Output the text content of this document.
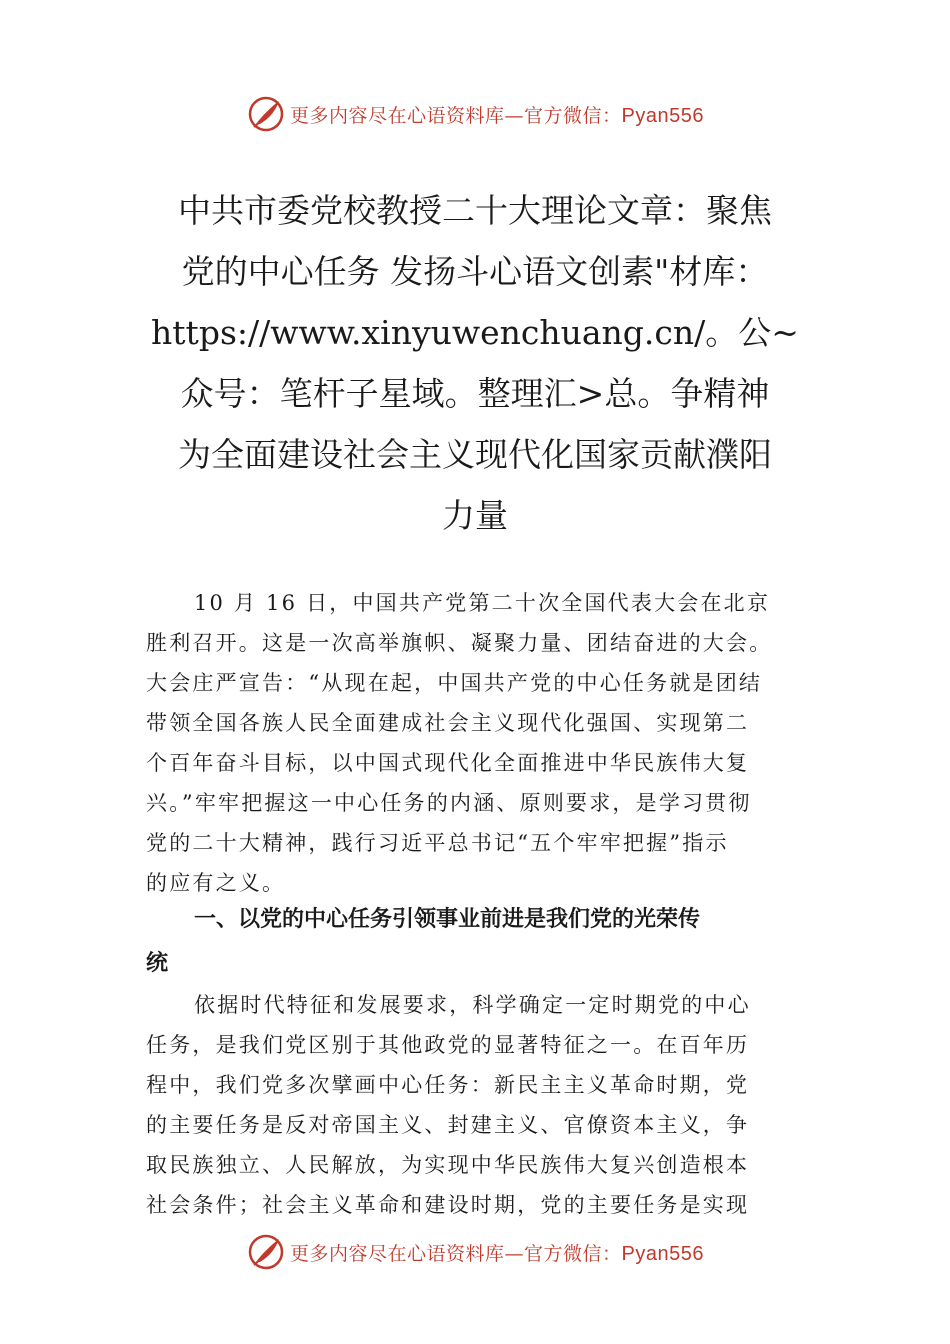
更多内容尽在心语资料库—官方微信：Pyan556
中共市委党校教授二十大理论文章：聚焦
党的中心任务 发扬斗心语文创素"材库：
https://www.xinyuwenchuang.cn/。公~
众号：笔杆子星域。整理汇>总。争精神
为全面建设社会主义现代化国家贡献濮阳
力量
10 月 16 日，中国共产党第二十次全国代表大会在北京
胜利召开。这是一次高举旗帜、凝聚力量、团结奋进的大会。
大会庄严宣告：“从现在起，中国共产党的中心任务就是团结
带领全国各族人民全面建成社会主义现代化强国、实现第二
个百年奋斗目标，以中国式现代化全面推进中华民族伟大复
兴。”牢牢把握这一中心任务的内涵、原则要求，是学习贯彻
党的二十大精神，践行习近平总书记“五个牢牢把握”指示
的应有之义。
一、以党的中心任务引领事业前进是我们党的光荣传
统
依据时代特征和发展要求，科学确定一定时期党的中心
任务，是我们党区别于其他政党的显著特征之一。在百年历
程中，我们党多次擘画中心任务：新民主主义革命时期，党
的主要任务是反对帝国主义、封建主义、官僚资本主义，争
取民族独立、人民解放，为实现中华民族伟大复兴创造根本
社会条件；社会主义革命和建设时期，党的主要任务是实现
更多内容尽在心语资料库—官方微信：Pyan556
